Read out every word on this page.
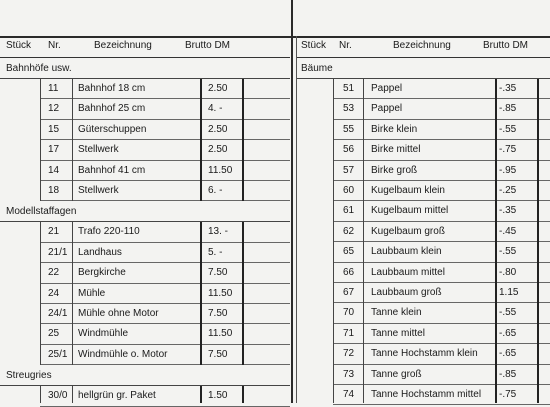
Stück Nr.	Bezeichnung	Brutto DM	Stück Nr.	Bezeichnung	Brutto DM
Bahnhöfe usw.
11 Bahnhof 18 cm	2.50
12 Bahnhof 25 cm	4. -
15 Güterschuppen	2.50
17 Stellwerk	2.50
14 Bahnhof 41 cm	11.50
18 Stellwerk	6. -
Modellstaffagen
21 Trafo 220-110	13. -
21/1 Landhaus	5. -
22 Bergkirche	7.50
24 Mühle	11.50
24/1 Mühle ohne Motor	7.50
25 Windmühle	11.50
25/1 Windmühle o. Motor	7.50
Streugries
30/0 hellgrün gr. Paket	1.50
Bäume
51 Pappel	-.35
53 Pappel	-.85
55 Birke klein	-.55
56 Birke mittel	-.75
57 Birke groß	-.95
60 Kugelbaum klein	-.25
61 Kugelbaum mittel	-.35
62 Kugelbaum groß	-.45
65 Laubbaum klein	-.55
66 Laubbaum mittel	-.80
67 Laubbaum groß	1.15
70 Tanne klein	-.55
71 Tanne mittel	-.65
72 Tanne Hochstamm klein -.65
73 Tanne groß	-.85
74 Tanne Hochstamm mittel -.75
